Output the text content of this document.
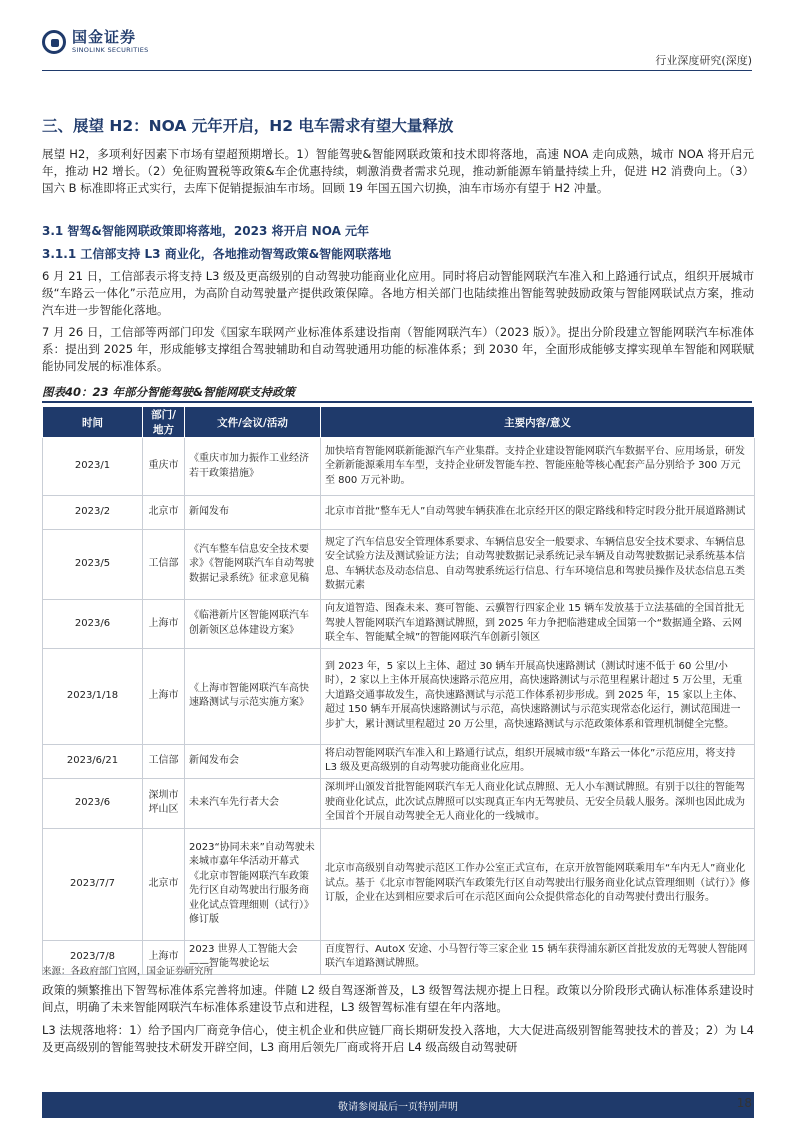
国金证券
SINOLINK SECURITIES
行业深度研究(深度)
三、展望 H2：NOA 元年开启，H2 电车需求有望大量释放
展望 H2，多项利好因素下市场有望超预期增长。1）智能驾驶&智能网联政策和技术即将落地，高速 NOA 走向成熟，城市 NOA 将开启元年，推动 H2 增长。（2）免征购置税等政策&车企优惠持续，刺激消费者需求兑现，推动新能源车销量持续上升，促进 H2 消费向上。（3）国六 B 标准即将正式实行，去库下促销提振油车市场。回顾 19 年国五国六切换，油车市场亦有望于 H2 冲量。
3.1 智驾&智能网联政策即将落地，2023 将开启 NOA 元年
3.1.1 工信部支持 L3 商业化，各地推动智驾政策&智能网联落地
6 月 21 日，工信部表示将支持 L3 级及更高级别的自动驾驶功能商业化应用。同时将启动智能网联汽车准入和上路通行试点，组织开展城市级“车路云一体化”示范应用，为高阶自动驾驶量产提供政策保障。各地方相关部门也陆续推出智能驾驶鼓励政策与智能网联试点方案，推动汽车进一步智能化落地。
7 月 26 日，工信部等两部门印发《国家车联网产业标准体系建设指南（智能网联汽车）（2023 版）》。提出分阶段建立智能网联汽车标准体系：提出到 2025 年，形成能够支撑组合驾驶辅助和自动驾驶通用功能的标准体系；到 2030 年，全面形成能够支撑实现单车智能和网联赋能协同发展的标准体系。
图表40：23 年部分智能驾驶&智能网联支持政策
时间	部门/地方	文件/会议/活动	主要内容/意义
2023/1	重庆市	《重庆市加力振作工业经济若干政策措施》	加快培育智能网联新能源汽车产业集群。支持企业建设智能网联汽车数据平台、应用场景，研发全新新能源乘用车车型，支持企业研发智能车控、智能座舱等核心配套产品分别给予 300 万元至 800 万元补助。
2023/2	北京市	新闻发布	北京市首批“整车无人”自动驾驶车辆获准在北京经开区的限定路线和特定时段分批开展道路测试
2023/5	工信部	《汽车整车信息安全技术要求》《智能网联汽车自动驾驶数据记录系统》征求意见稿	规定了汽车信息安全管理体系要求、车辆信息安全一般要求、车辆信息安全技术要求、车辆信息安全试验方法及测试验证方法；自动驾驶数据记录系统记录车辆及自动驾驶数据记录系统基本信息、车辆状态及动态信息、自动驾驶系统运行信息、行车环境信息和驾驶员操作及状态信息五类数据元素
2023/6	上海市	《临港新片区智能网联汽车创新领区总体建设方案》	向友道智造、图森未来、赛可智能、云骥智行四家企业 15 辆车发放基于立法基础的全国首批无驾驶人智能网联汽车道路测试牌照，到 2025 年力争把临港建成全国第一个“数据通全路、云网联全车、智能赋全城”的智能网联汽车创新引领区
2023/1/18	上海市	《上海市智能网联汽车高快速路测试与示范实施方案》	到 2023 年，5 家以上主体、超过 30 辆车开展高快速路测试（测试时速不低于 60 公里/小时），2 家以上主体开展高快速路示范应用，高快速路测试与示范里程累计超过 5 万公里，无重大道路交通事故发生，高快速路测试与示范工作体系初步形成。到 2025 年，15 家以上主体、超过 150 辆车开展高快速路测试与示范，高快速路测试与示范实现常态化运行，测试范围进一步扩大，累计测试里程超过 20 万公里，高快速路测试与示范政策体系和管理机制健全完整。
2023/6/21	工信部	新闻发布会	将启动智能网联汽车准入和上路通行试点，组织开展城市级“车路云一体化”示范应用，将支持 L3 级及更高级别的自动驾驶功能商业化应用。
2023/6	深圳市坪山区	未来汽车先行者大会	深圳坪山颁发首批智能网联汽车无人商业化试点牌照、无人小车测试牌照。有别于以往的智能驾驶商业化试点，此次试点牌照可以实现真正车内无驾驶员、无安全员载人服务。深圳也因此成为全国首个开展自动驾驶全无人商业化的一线城市。
2023/7/7	北京市	2023“协同未来”自动驾驶未来城市嘉年华活动开幕式 《北京市智能网联汽车政策先行区自动驾驶出行服务商业化试点管理细则（试行）》修订版	北京市高级别自动驾驶示范区工作办公室正式宣布，在京开放智能网联乘用车“车内无人”商业化试点。基于《北京市智能网联汽车政策先行区自动驾驶出行服务商业化试点管理细则（试行）》修订版，企业在达到相应要求后可在示范区面向公众提供常态化的自动驾驶付费出行服务。
2023/7/8	上海市	2023 世界人工智能大会——智能驾驶论坛	百度智行、AutoX 安途、小马智行等三家企业 15 辆车获得浦东新区首批发放的无驾驶人智能网联汽车道路测试牌照。
来源：各政府部门官网，国金证券研究所
政策的频繁推出下智驾标准体系完善将加速。伴随 L2 级自驾逐渐普及，L3 级智驾法规亦提上日程。政策以分阶段形式确认标准体系建设时间点，明确了未来智能网联汽车标准体系建设节点和进程，L3 级智驾标准有望在年内落地。
L3 法规落地将：1）给予国内厂商竞争信心，使主机企业和供应链厂商长期研发投入落地，大大促进高级别智能驾驶技术的普及；2）为 L4 及更高级别的智能驾驶技术研发开辟空间，L3 商用后领先厂商或将开启 L4 级高级自动驾驶研
敬请参阅最后一页特别声明	18
